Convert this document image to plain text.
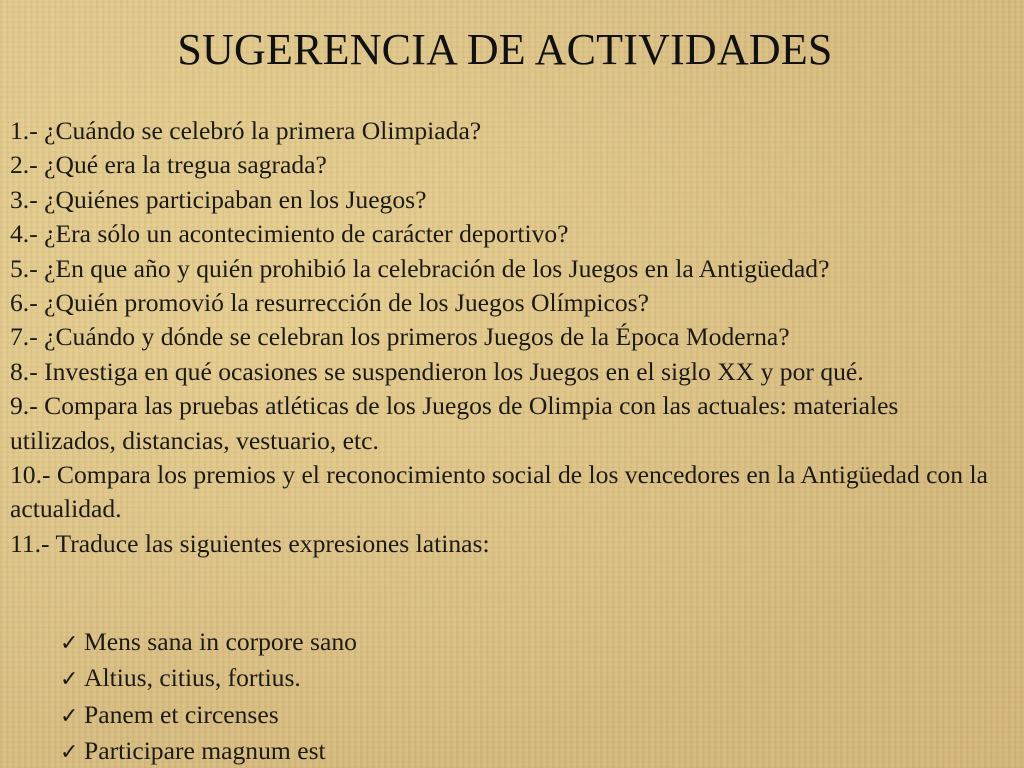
SUGERENCIA DE ACTIVIDADES
1.- ¿Cuándo se celebró la primera Olimpiada?
2.- ¿Qué era la tregua sagrada?
3.- ¿Quiénes participaban en los Juegos?
4.- ¿Era sólo un acontecimiento de carácter deportivo?
5.- ¿En que año y quién prohibió la celebración de los Juegos en la Antigüedad?
6.- ¿Quién promovió la resurrección de los Juegos Olímpicos?
7.- ¿Cuándo y dónde se celebran los primeros Juegos de la Época Moderna?
8.- Investiga en qué ocasiones se suspendieron los Juegos en el siglo XX y por qué.
9.- Compara las pruebas atléticas de los Juegos de Olimpia con las actuales: materiales utilizados, distancias, vestuario, etc.
10.- Compara los premios y el reconocimiento social de los vencedores en la Antigüedad con la actualidad.
11.- Traduce las siguientes expresiones latinas:
✓ Mens sana in corpore sano
✓ Altius, citius, fortius.
✓ Panem et circenses
✓ Participare magnum est
